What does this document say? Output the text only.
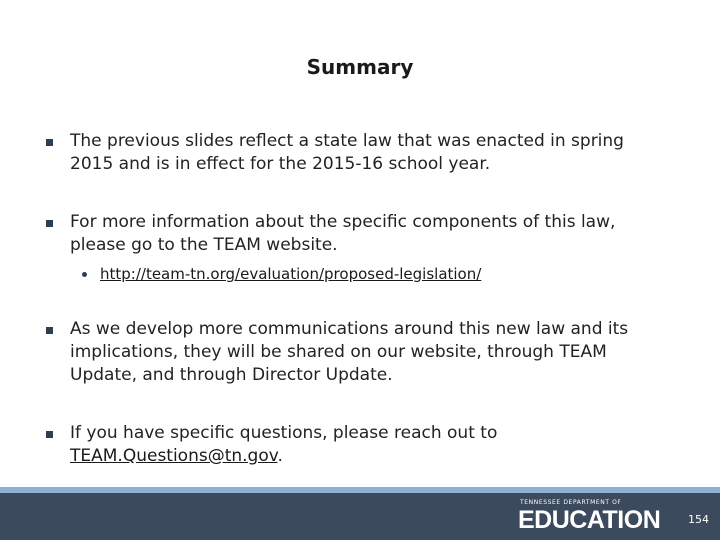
Summary
The previous slides reflect a state law that was enacted in spring 2015 and is in effect for the 2015-16 school year.
For more information about the specific components of this law, please go to the TEAM website.
http://team-tn.org/evaluation/proposed-legislation/
As we develop more communications around this new law and its implications, they will be shared on our website, through TEAM Update, and through Director Update.
If you have specific questions, please reach out to TEAM.Questions@tn.gov.
TENNESSEE DEPARTMENT OF
EDUCATION	154
